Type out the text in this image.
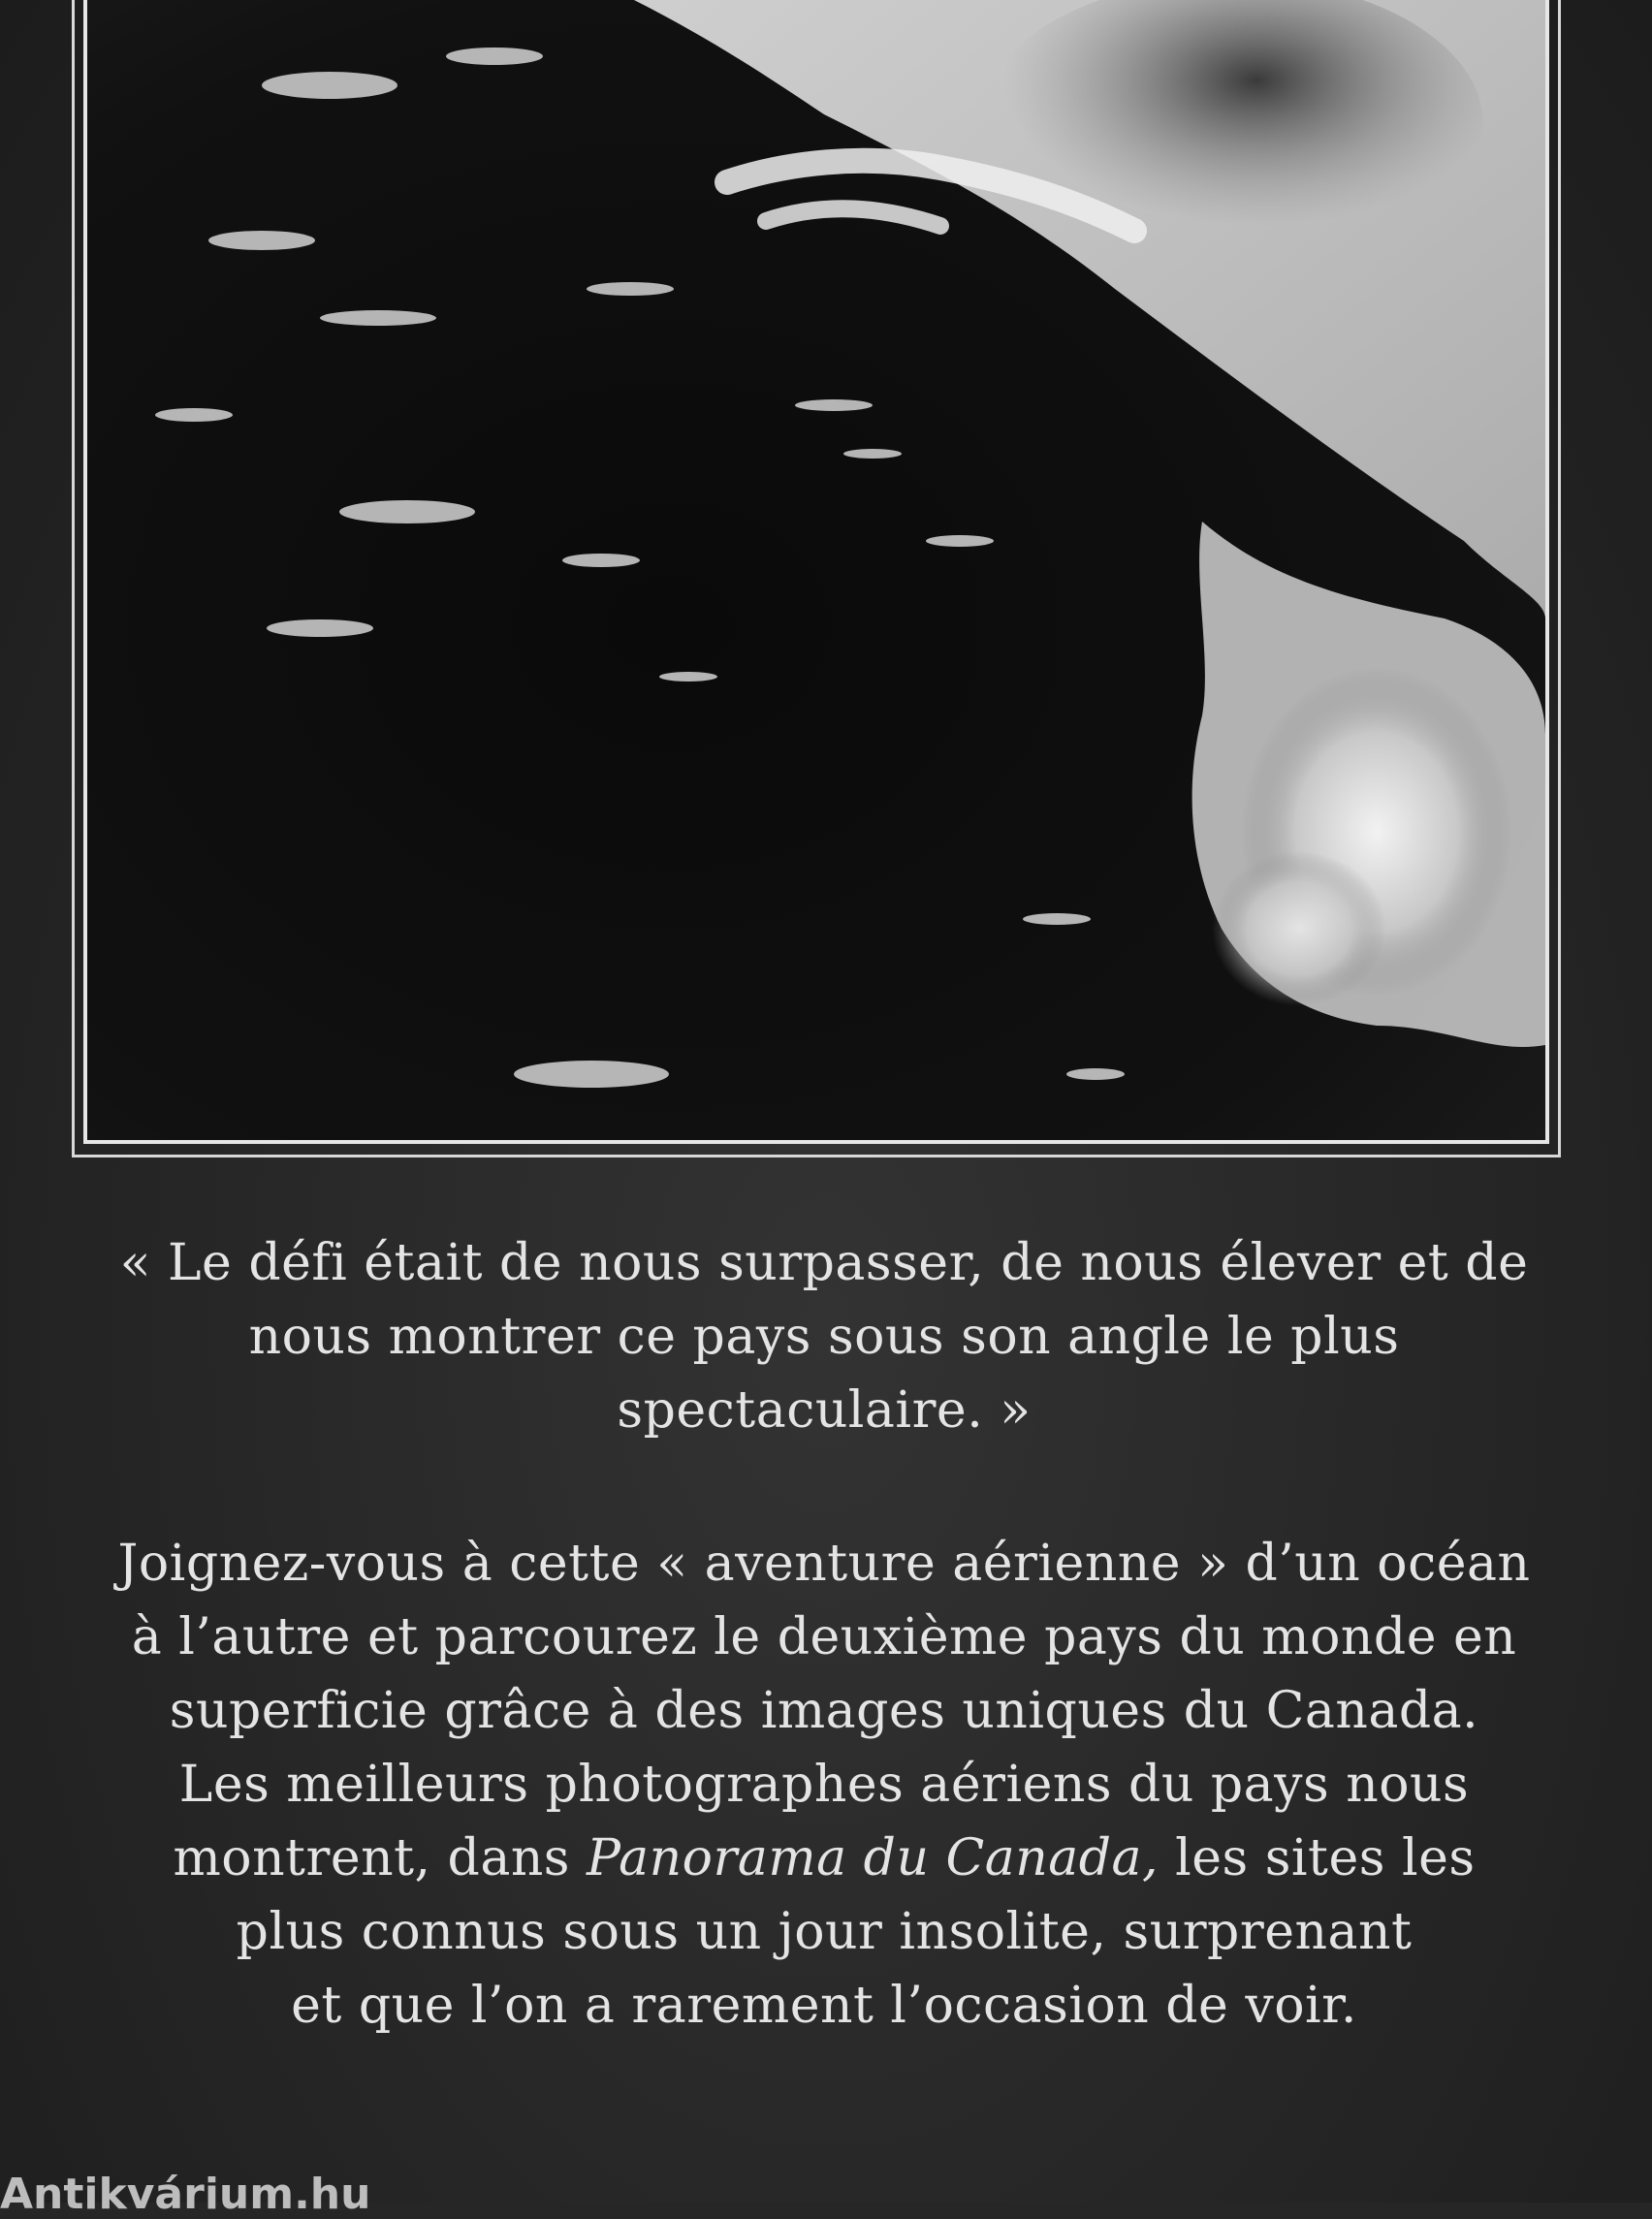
« Le défi était de nous surpasser, de nous élever et de
nous montrer ce pays sous son angle le plus
spectaculaire. »
Joignez-vous à cette « aventure aérienne » d’un océan
à l’autre et parcourez le deuxième pays du monde en
superficie grâce à des images uniques du Canada.
Les meilleurs photographes aériens du pays nous
montrent, dans Panorama du Canada, les sites les
plus connus sous un jour insolite, surprenant
et que l’on a rarement l’occasion de voir.
Antikvárium.hu
